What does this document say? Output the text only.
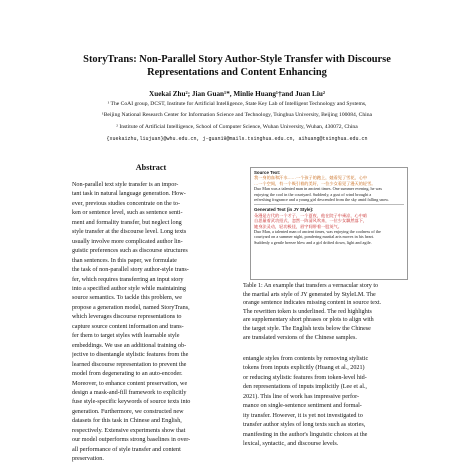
StoryTrans: Non-Parallel Story Author-Style Transfer with Discourse
Representations and Content Enhancing
Xuekai Zhu²; Jian Guan¹*, Minlie Huang¹†and Juan Liu²
¹ The CoAI group, DCST, Institute for Artificial Intelligence, State Key Lab of Intelligent Technology and Systems,
¹Beijing National Research Center for Information Science and Technology, Tsinghua University, Beijing 100084, China
² Institute of Artificial Intelligence, School of Computer Science, Wuhan University, Wuhan, 430072, China
{xuekaizhu,liujuan}@whu.edu.cn, j-guan19@mails.tsinghua.edu.cn, aihuang@tsinghua.edu.cn
Abstract
Non-parallel text style transfer is an impor-
tant task in natural language generation. How-
ever, previous studies concentrate on the to-
ken or sentence level, such as sentence senti-
ment and formality transfer, but neglect long
style transfer at the discourse level. Long texts
usually involve more complicated author lin-
guistic preferences such as discourse structures
than sentences. In this paper, we formulate
the task of non-parallel story author-style trans-
fer, which requires transferring an input story
into a specified author style while maintaining
source semantics. To tackle this problem, we
propose a generation model, named StoryTrans,
which leverages discourse representations to
capture source content information and trans-
fer them to target styles with learnable style
embeddings. We use an additional training ob-
jective to disentangle stylistic features from the
learned discourse representation to prevent the
model from degenerating to an auto-encoder.
Moreover, to enhance content preservation, we
design a mask-and-fill framework to explicitly
fuse style-specific keywords of source texts into
generation. Furthermore, we constructed new
datasets for this task in Chinese and English,
respectively. Extensive experiments show that
our model outperforms strong baselines in over-
all performance of style transfer and content
preservation.
Source Text:
我一身的血和汗水……一个孩子的跑上，她看见了雪花，心中
…一个空间，有一个吸引着的美好，一位少女看见了漫天的轻雪。
Duo Man was a talented man in ancient times. One summer evening, he was
enjoying the cool in the courtyard. Suddenly, a gust of wind brought a
refreshing fragrance and a young girl descended from the sky amid falling snow.
Generated Text (in JY Style):
朵漫是古代的一个才子，一个夏夜，他在院子中乘凉，心中暗
自思量着武功招式，忽然一阵清风吹来，一位少女飘然落下，
她身法灵动，轻功极佳，眉宇间带着一股英气。
Duo Man, a talented man of ancient times, was enjoying the coolness of the
courtyard on a summer night, pondering martial arts moves in his heart.
Suddenly a gentle breeze blew and a girl drifted down, light and agile.
Table 1: An example that transfers a vernacular story to
the martial arts style of JY generated by StyleLM. The
orange sentence indicates missing content in source text.
The rewritten token is underlined. The red highlights
are supplementary short phrases or plots to align with
the target style. The English texts below the Chinese
are translated versions of the Chinese samples.
entangle styles from contents by removing stylistic
tokens from inputs explicitly (Huang et al., 2021)
or reducing stylistic features from token-level hid-
den representations of inputs implicitly (Lee et al.,
2021). This line of work has impressive perfor-
mance on single-sentence sentiment and formal-
ity transfer. However, it is yet not investigated to
transfer author styles of long texts such as stories,
manifesting in the author's linguistic choices at the
lexical, syntactic, and discourse levels.
